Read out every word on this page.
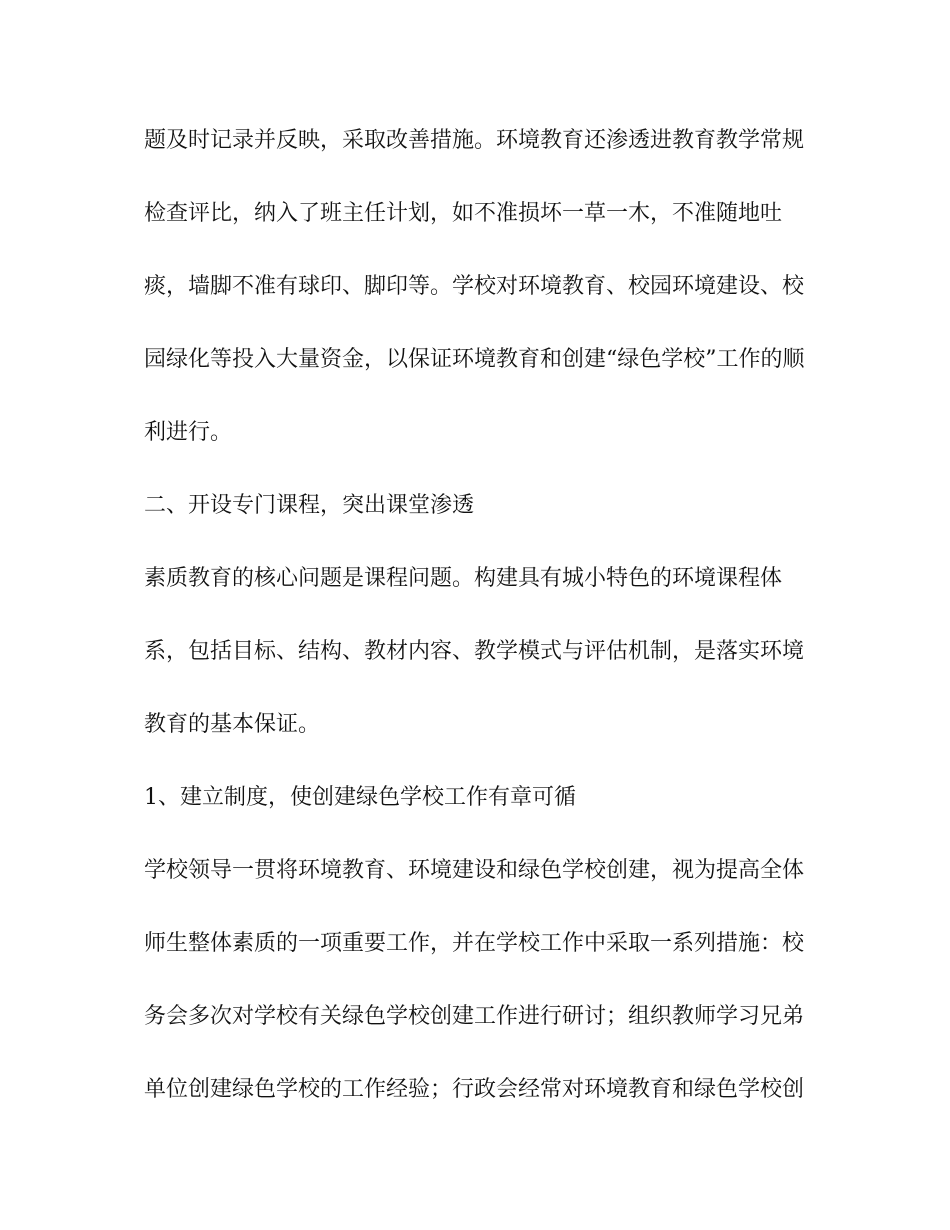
题及时记录并反映，采取改善措施。环境教育还渗透进教育教学常规
检查评比，纳入了班主任计划，如不准损坏一草一木，不准随地吐
痰，墙脚不准有球印、脚印等。学校对环境教育、校园环境建设、校
园绿化等投入大量资金，以保证环境教育和创建“绿色学校”工作的顺
利进行。
二、开设专门课程，突出课堂渗透
素质教育的核心问题是课程问题。构建具有城小特色的环境课程体
系，包括目标、结构、教材内容、教学模式与评估机制，是落实环境
教育的基本保证。
1、建立制度，使创建绿色学校工作有章可循
学校领导一贯将环境教育、环境建设和绿色学校创建，视为提高全体
师生整体素质的一项重要工作，并在学校工作中采取一系列措施：校
务会多次对学校有关绿色学校创建工作进行研讨；组织教师学习兄弟
单位创建绿色学校的工作经验；行政会经常对环境教育和绿色学校创
